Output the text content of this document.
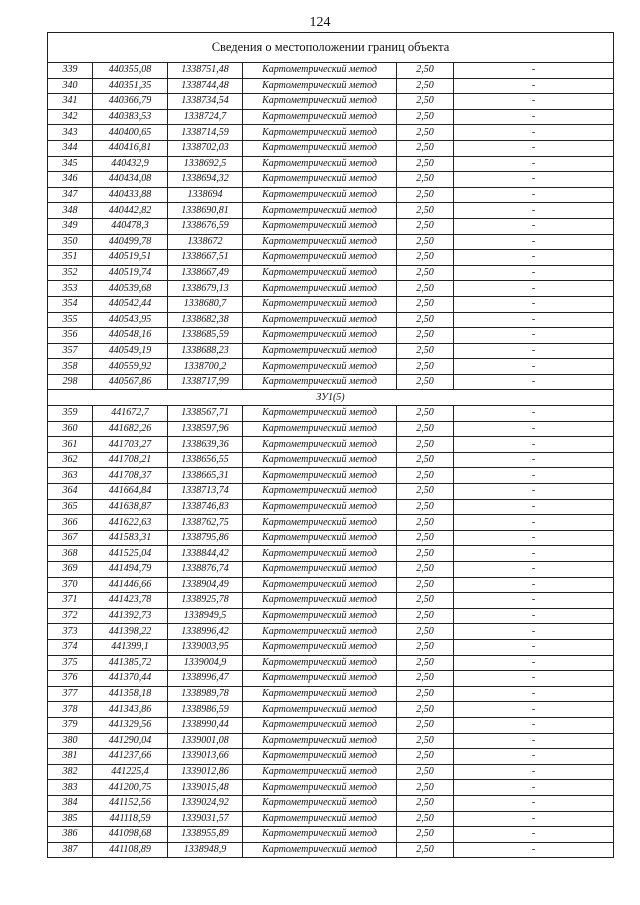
124
Сведения о местоположении границ объекта					
339	440355,08	1338751,48	Картометрический метод	2,50	-
340	440351,35	1338744,48	Картометрический метод	2,50	-
341	440366,79	1338734,54	Картометрический метод	2,50	-
342	440383,53	1338724,7	Картометрический метод	2,50	-
343	440400,65	1338714,59	Картометрический метод	2,50	-
344	440416,81	1338702,03	Картометрический метод	2,50	-
345	440432,9	1338692,5	Картометрический метод	2,50	-
346	440434,08	1338694,32	Картометрический метод	2,50	-
347	440433,88	1338694	Картометрический метод	2,50	-
348	440442,82	1338690,81	Картометрический метод	2,50	-
349	440478,3	1338676,59	Картометрический метод	2,50	-
350	440499,78	1338672	Картометрический метод	2,50	-
351	440519,51	1338667,51	Картометрический метод	2,50	-
352	440519,74	1338667,49	Картометрический метод	2,50	-
353	440539,68	1338679,13	Картометрический метод	2,50	-
354	440542,44	1338680,7	Картометрический метод	2,50	-
355	440543,95	1338682,38	Картометрический метод	2,50	-
356	440548,16	1338685,59	Картометрический метод	2,50	-
357	440549,19	1338688,23	Картометрический метод	2,50	-
358	440559,92	1338700,2	Картометрический метод	2,50	-
298	440567,86	1338717,99	Картометрический метод	2,50	-
ЗУ1(5)					
359	441672,7	1338567,71	Картометрический метод	2,50	-
360	441682,26	1338597,96	Картометрический метод	2,50	-
361	441703,27	1338639,36	Картометрический метод	2,50	-
362	441708,21	1338656,55	Картометрический метод	2,50	-
363	441708,37	1338665,31	Картометрический метод	2,50	-
364	441664,84	1338713,74	Картометрический метод	2,50	-
365	441638,87	1338746,83	Картометрический метод	2,50	-
366	441622,63	1338762,75	Картометрический метод	2,50	-
367	441583,31	1338795,86	Картометрический метод	2,50	-
368	441525,04	1338844,42	Картометрический метод	2,50	-
369	441494,79	1338876,74	Картометрический метод	2,50	-
370	441446,66	1338904,49	Картометрический метод	2,50	-
371	441423,78	1338925,78	Картометрический метод	2,50	-
372	441392,73	1338949,5	Картометрический метод	2,50	-
373	441398,22	1338996,42	Картометрический метод	2,50	-
374	441399,1	1339003,95	Картометрический метод	2,50	-
375	441385,72	1339004,9	Картометрический метод	2,50	-
376	441370,44	1338996,47	Картометрический метод	2,50	-
377	441358,18	1338989,78	Картометрический метод	2,50	-
378	441343,86	1338986,59	Картометрический метод	2,50	-
379	441329,56	1338990,44	Картометрический метод	2,50	-
380	441290,04	1339001,08	Картометрический метод	2,50	-
381	441237,66	1339013,66	Картометрический метод	2,50	-
382	441225,4	1339012,86	Картометрический метод	2,50	-
383	441200,75	1339015,48	Картометрический метод	2,50	-
384	441152,56	1339024,92	Картометрический метод	2,50	-
385	441118,59	1339031,57	Картометрический метод	2,50	-
386	441098,68	1338955,89	Картометрический метод	2,50	-
387	441108,89	1338948,9	Картометрический метод	2,50	-
